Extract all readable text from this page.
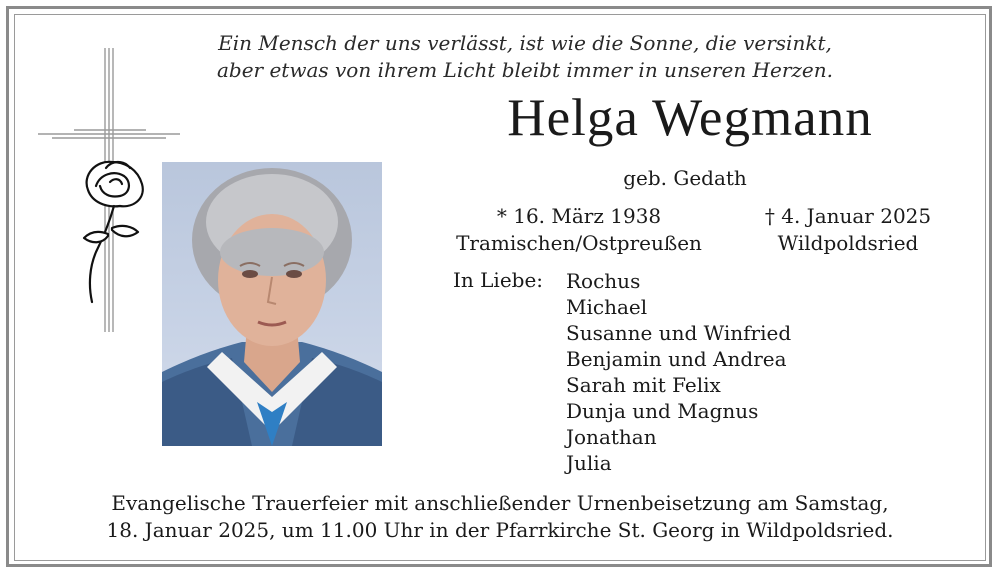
Ein Mensch der uns verlässt, ist wie die Sonne, die versinkt,
aber etwas von ihrem Licht bleibt immer in unseren Herzen.
Helga Wegmann
geb. Gedath
* 16. März 1938
Tramischen/Ostpreußen
† 4. Januar 2025
Wildpoldsried
In Liebe: Rochus
Michael
Susanne und Winfried
Benjamin und Andrea
Sarah mit Felix
Dunja und Magnus
Jonathan
Julia
Evangelische Trauerfeier mit anschließender Urnenbeisetzung am Samstag,
18. Januar 2025, um 11.00 Uhr in der Pfarrkirche St. Georg in Wildpoldsried.
